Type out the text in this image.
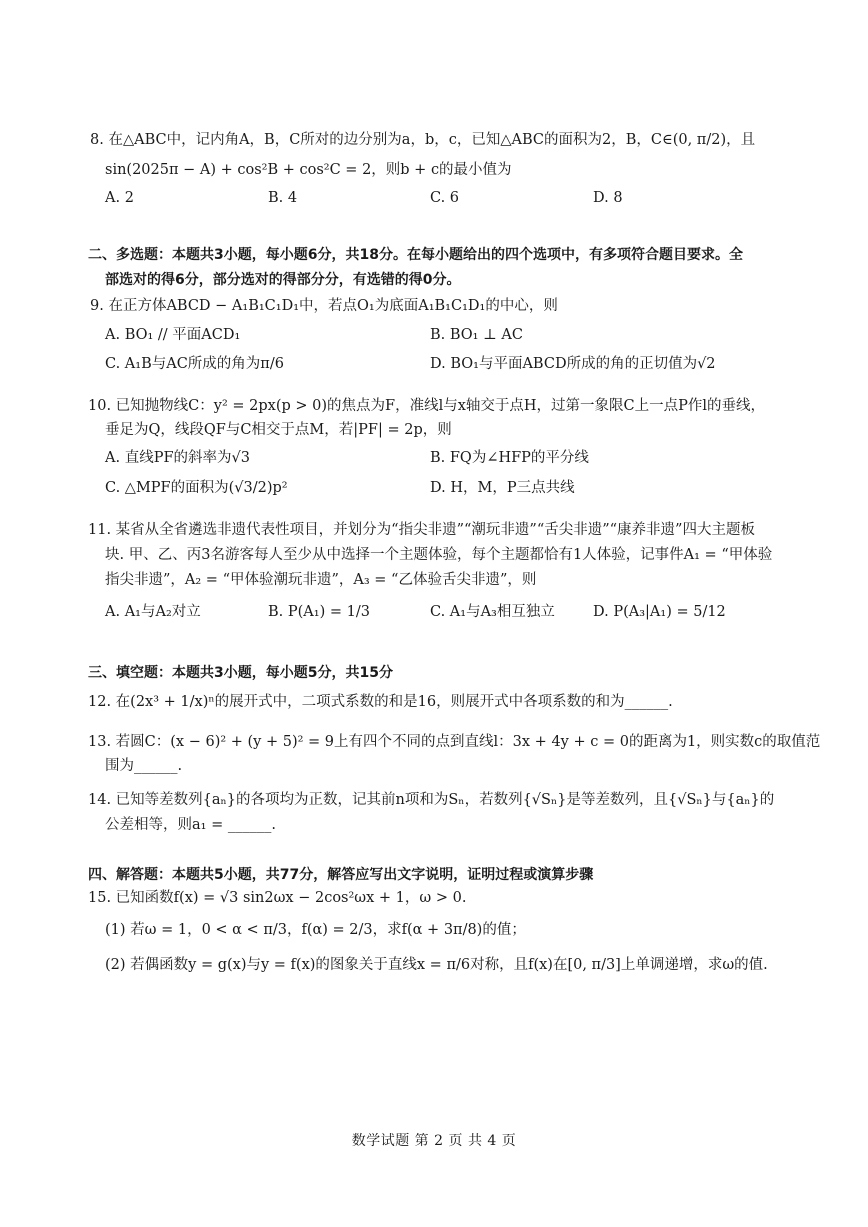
8. 在△ABC中，记内角A，B，C所对的边分别为a，b，c，已知△ABC的面积为2，B，C∈(0, π/2)，且
sin(2025π − A) + cos²B + cos²C = 2，则b + c的最小值为
A. 2	B. 4	C. 6	D. 8
二、多选题：本题共3小题，每小题6分，共18分。在每小题给出的四个选项中，有多项符合题目要求。全
部选对的得6分，部分选对的得部分分，有选错的得0分。
9. 在正方体ABCD − A₁B₁C₁D₁中，若点O₁为底面A₁B₁C₁D₁的中心，则
A. BO₁ // 平面ACD₁	B. BO₁ ⊥ AC
C. A₁B与AC所成的角为π/6	D. BO₁与平面ABCD所成的角的正切值为√2
10. 已知抛物线C：y² = 2px(p > 0)的焦点为F，准线l与x轴交于点H，过第一象限C上一点P作l的垂线，
垂足为Q，线段QF与C相交于点M，若|PF| = 2p，则
A. 直线PF的斜率为√3	B. FQ为∠HFP的平分线
C. △MPF的面积为(√3/2)p²	D. H，M，P三点共线
11. 某省从全省遴选非遗代表性项目，并划分为“指尖非遗”“潮玩非遗”“舌尖非遗”“康养非遗”四大主题板
块. 甲、乙、丙3名游客每人至少从中选择一个主题体验，每个主题都恰有1人体验，记事件A₁ = “甲体验
指尖非遗”，A₂ = “甲体验潮玩非遗”，A₃ = “乙体验舌尖非遗”，则
A. A₁与A₂对立	B. P(A₁) = 1/3	C. A₁与A₃相互独立	D. P(A₃|A₁) = 5/12
三、填空题：本题共3小题，每小题5分，共15分
12. 在(2x³ + 1/x)ⁿ的展开式中，二项式系数的和是16，则展开式中各项系数的和为______.
13. 若圆C：(x − 6)² + (y + 5)² = 9上有四个不同的点到直线l：3x + 4y + c = 0的距离为1，则实数c的取值范
围为______.
14. 已知等差数列{aₙ}的各项均为正数，记其前n项和为Sₙ，若数列{√Sₙ}是等差数列，且{√Sₙ}与{aₙ}的
公差相等，则a₁ = ______.
四、解答题：本题共5小题，共77分，解答应写出文字说明，证明过程或演算步骤
15. 已知函数f(x) = √3 sin2ωx − 2cos²ωx + 1，ω > 0.
(1) 若ω = 1，0 < α < π/3，f(α) = 2/3，求f(α + 3π/8)的值；
(2) 若偶函数y = g(x)与y = f(x)的图象关于直线x = π/6对称，且f(x)在[0, π/3]上单调递增，求ω的值.
数学试题 第 2 页 共 4 页
